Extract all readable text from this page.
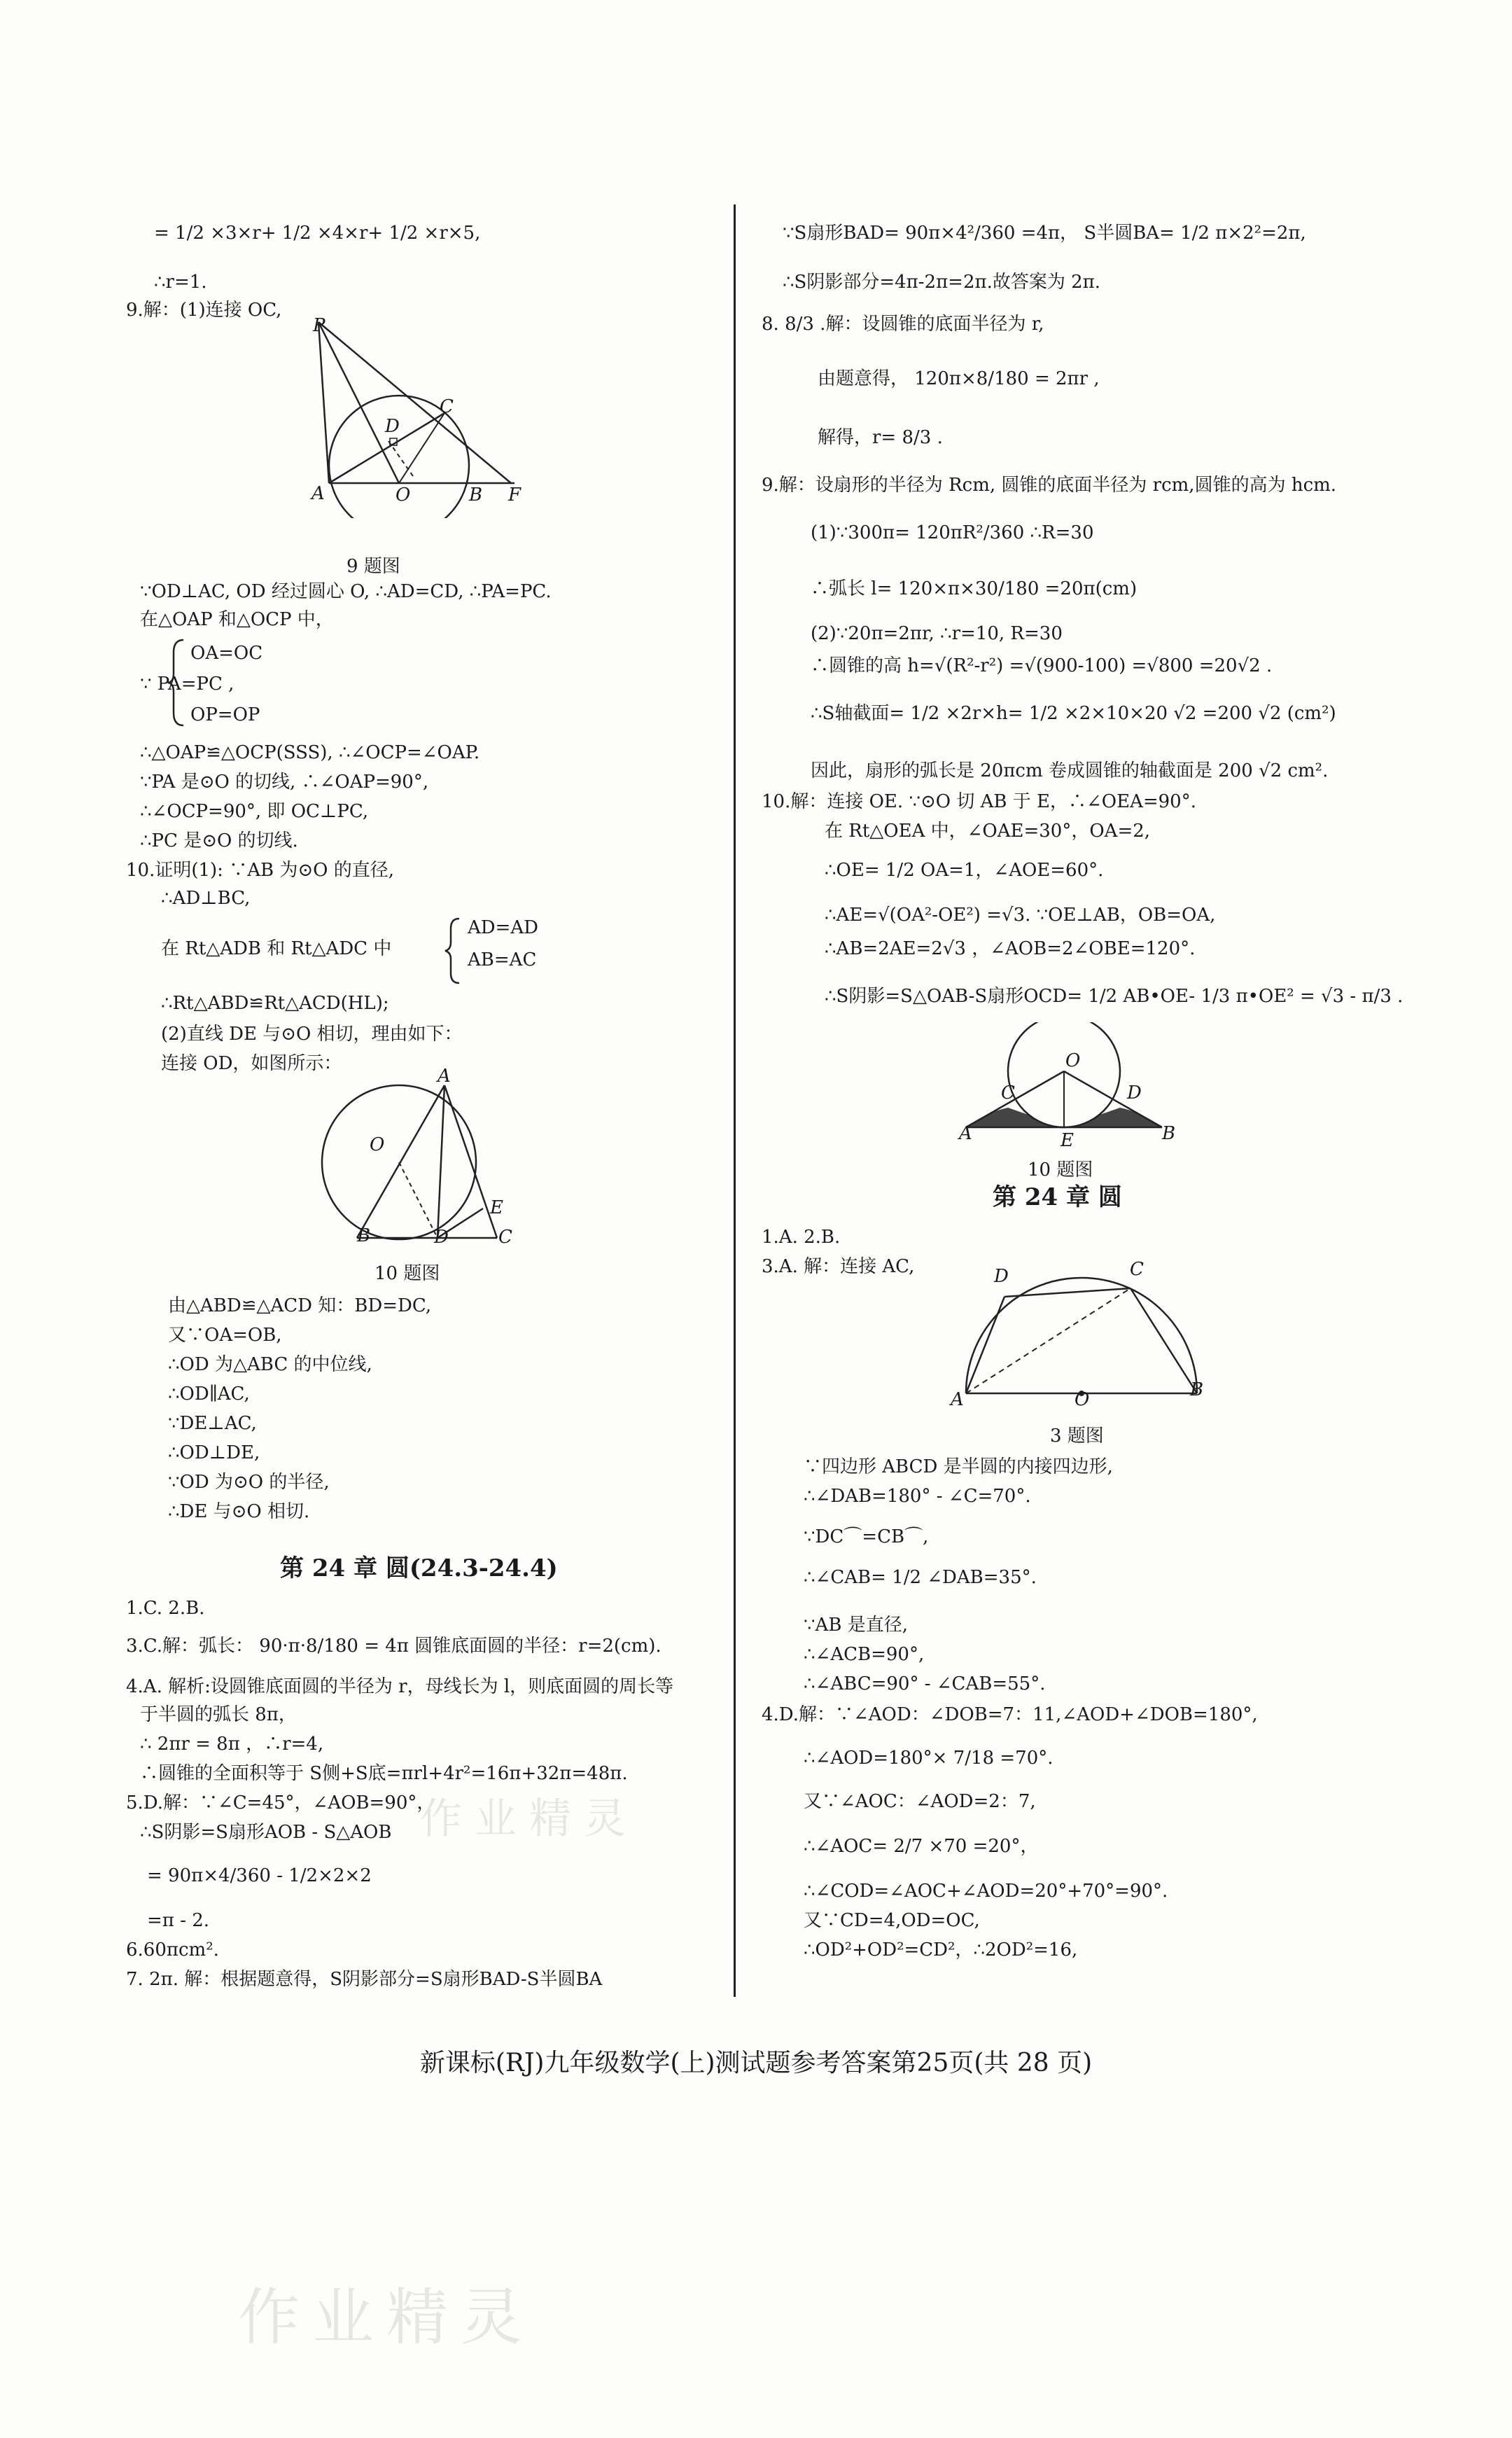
= 1/2 ×3×r+ 1/2 ×4×r+ 1/2 ×r×5,
∴r=1.
9.解：(1)连接 OC,
∵OD⊥AC, OD 经过圆心 O, ∴AD=CD, ∴PA=PC.
在△OAP 和△OCP 中，
OA=OC
∵ PA=PC ,
OP=OP
∴△OAP≌△OCP(SSS), ∴∠OCP=∠OAP.
∵PA 是⊙O 的切线, ∴∠OAP=90°,
∴∠OCP=90°, 即 OC⊥PC,
∴PC 是⊙O 的切线.
10.证明(1): ∵AB 为⊙O 的直径,
∴AD⊥BC,
在 Rt△ADB 和 Rt△ADC 中
AD=AD
AB=AC
∴Rt△ABD≌Rt△ACD(HL);
(2)直线 DE 与⊙O 相切，理由如下：
连接 OD，如图所示：
由△ABD≌△ACD 知：BD=DC,
又∵OA=OB,
∴OD 为△ABC 的中位线,
∴OD∥AC,
∵DE⊥AC,
∴OD⊥DE,
∵OD 为⊙O 的半径,
∴DE 与⊙O 相切.
第 24 章 圆(24.3-24.4)
1.C. 2.B.
3.C.解：弧长： 90·π·8/180 = 4π 圆锥底面圆的半径：r=2(cm).
4.A. 解析:设圆锥底面圆的半径为 r，母线长为 l，则底面圆的周长等
于半圆的弧长 8π，
∴ 2πr = 8π ，∴r=4,
∴圆锥的全面积等于 S侧+S底=πrl+4r²=16π+32π=48π.
5.D.解：∵∠C=45°，∠AOB=90°，
∴S阴影=S扇形AOB - S△AOB
= 90π×4/360 - 1/2×2×2
=π - 2.
6.60πcm².
7. 2π. 解：根据题意得，S阴影部分=S扇形BAD-S半圆BA
P
C
D
A	O	B F
9 题图
A
O
B	D
E
C
10 题图
∵S扇形BAD= 90π×4²/360 =4π， S半圆BA= 1/2 π×2²=2π,
∴S阴影部分=4π-2π=2π.故答案为 2π.
8. 8/3 .解：设圆锥的底面半径为 r,
由题意得， 120π×8/180 = 2πr ,
解得，r= 8/3 .
9.解：设扇形的半径为 Rcm, 圆锥的底面半径为 rcm,圆锥的高为 hcm.
(1)∵300π= 120πR²/360 ∴R=30
∴弧长 l= 120×π×30/180 =20π(cm)
(2)∵20π=2πr, ∴r=10, R=30
∴圆锥的高 h=√(R²-r²) =√(900-100) =√800 =20√2 .
∴S轴截面= 1/2 ×2r×h= 1/2 ×2×10×20 √2 =200 √2 (cm²)
因此，扇形的弧长是 20πcm 卷成圆锥的轴截面是 200 √2 cm².
10.解：连接 OE. ∵⊙O 切 AB 于 E，∴∠OEA=90°.
在 Rt△OEA 中，∠OAE=30°，OA=2,
∴OE= 1/2 OA=1，∠AOE=60°.
∴AE=√(OA²-OE²) =√3. ∵OE⊥AB，OB=OA,
∴AB=2AE=2√3 ，∠AOB=2∠OBE=120°.
∴S阴影=S△OAB-S扇形OCD= 1/2 AB•OE- 1/3 π•OE² = √3 - π/3 .
第 24 章 圆
1.A. 2.B.
3.A. 解：连接 AC,
∵四边形 ABCD 是半圆的内接四边形,
∴∠DAB=180° - ∠C=70°.
∵DC⌒=CB⌒,
∴∠CAB= 1/2 ∠DAB=35°.
∵AB 是直径,
∴∠ACB=90°,
∴∠ABC=90° - ∠CAB=55°.
4.D.解：∵∠AOD：∠DOB=7：11,∠AOD+∠DOB=180°,
∴∠AOD=180°× 7/18 =70°.
又∵∠AOC：∠AOD=2：7,
∴∠AOC= 2/7 ×70 =20°，
∴∠COD=∠AOC+∠AOD=20°+70°=90°.
又∵CD=4,OD=OC,
∴OD²+OD²=CD²，∴2OD²=16,
O
C	D
A	E	B
10 题图
D	C
A	O	B
3 题图
作业精灵
作业精灵
新课标(RJ)九年级数学(上)测试题参考答案第25页(共 28 页)
